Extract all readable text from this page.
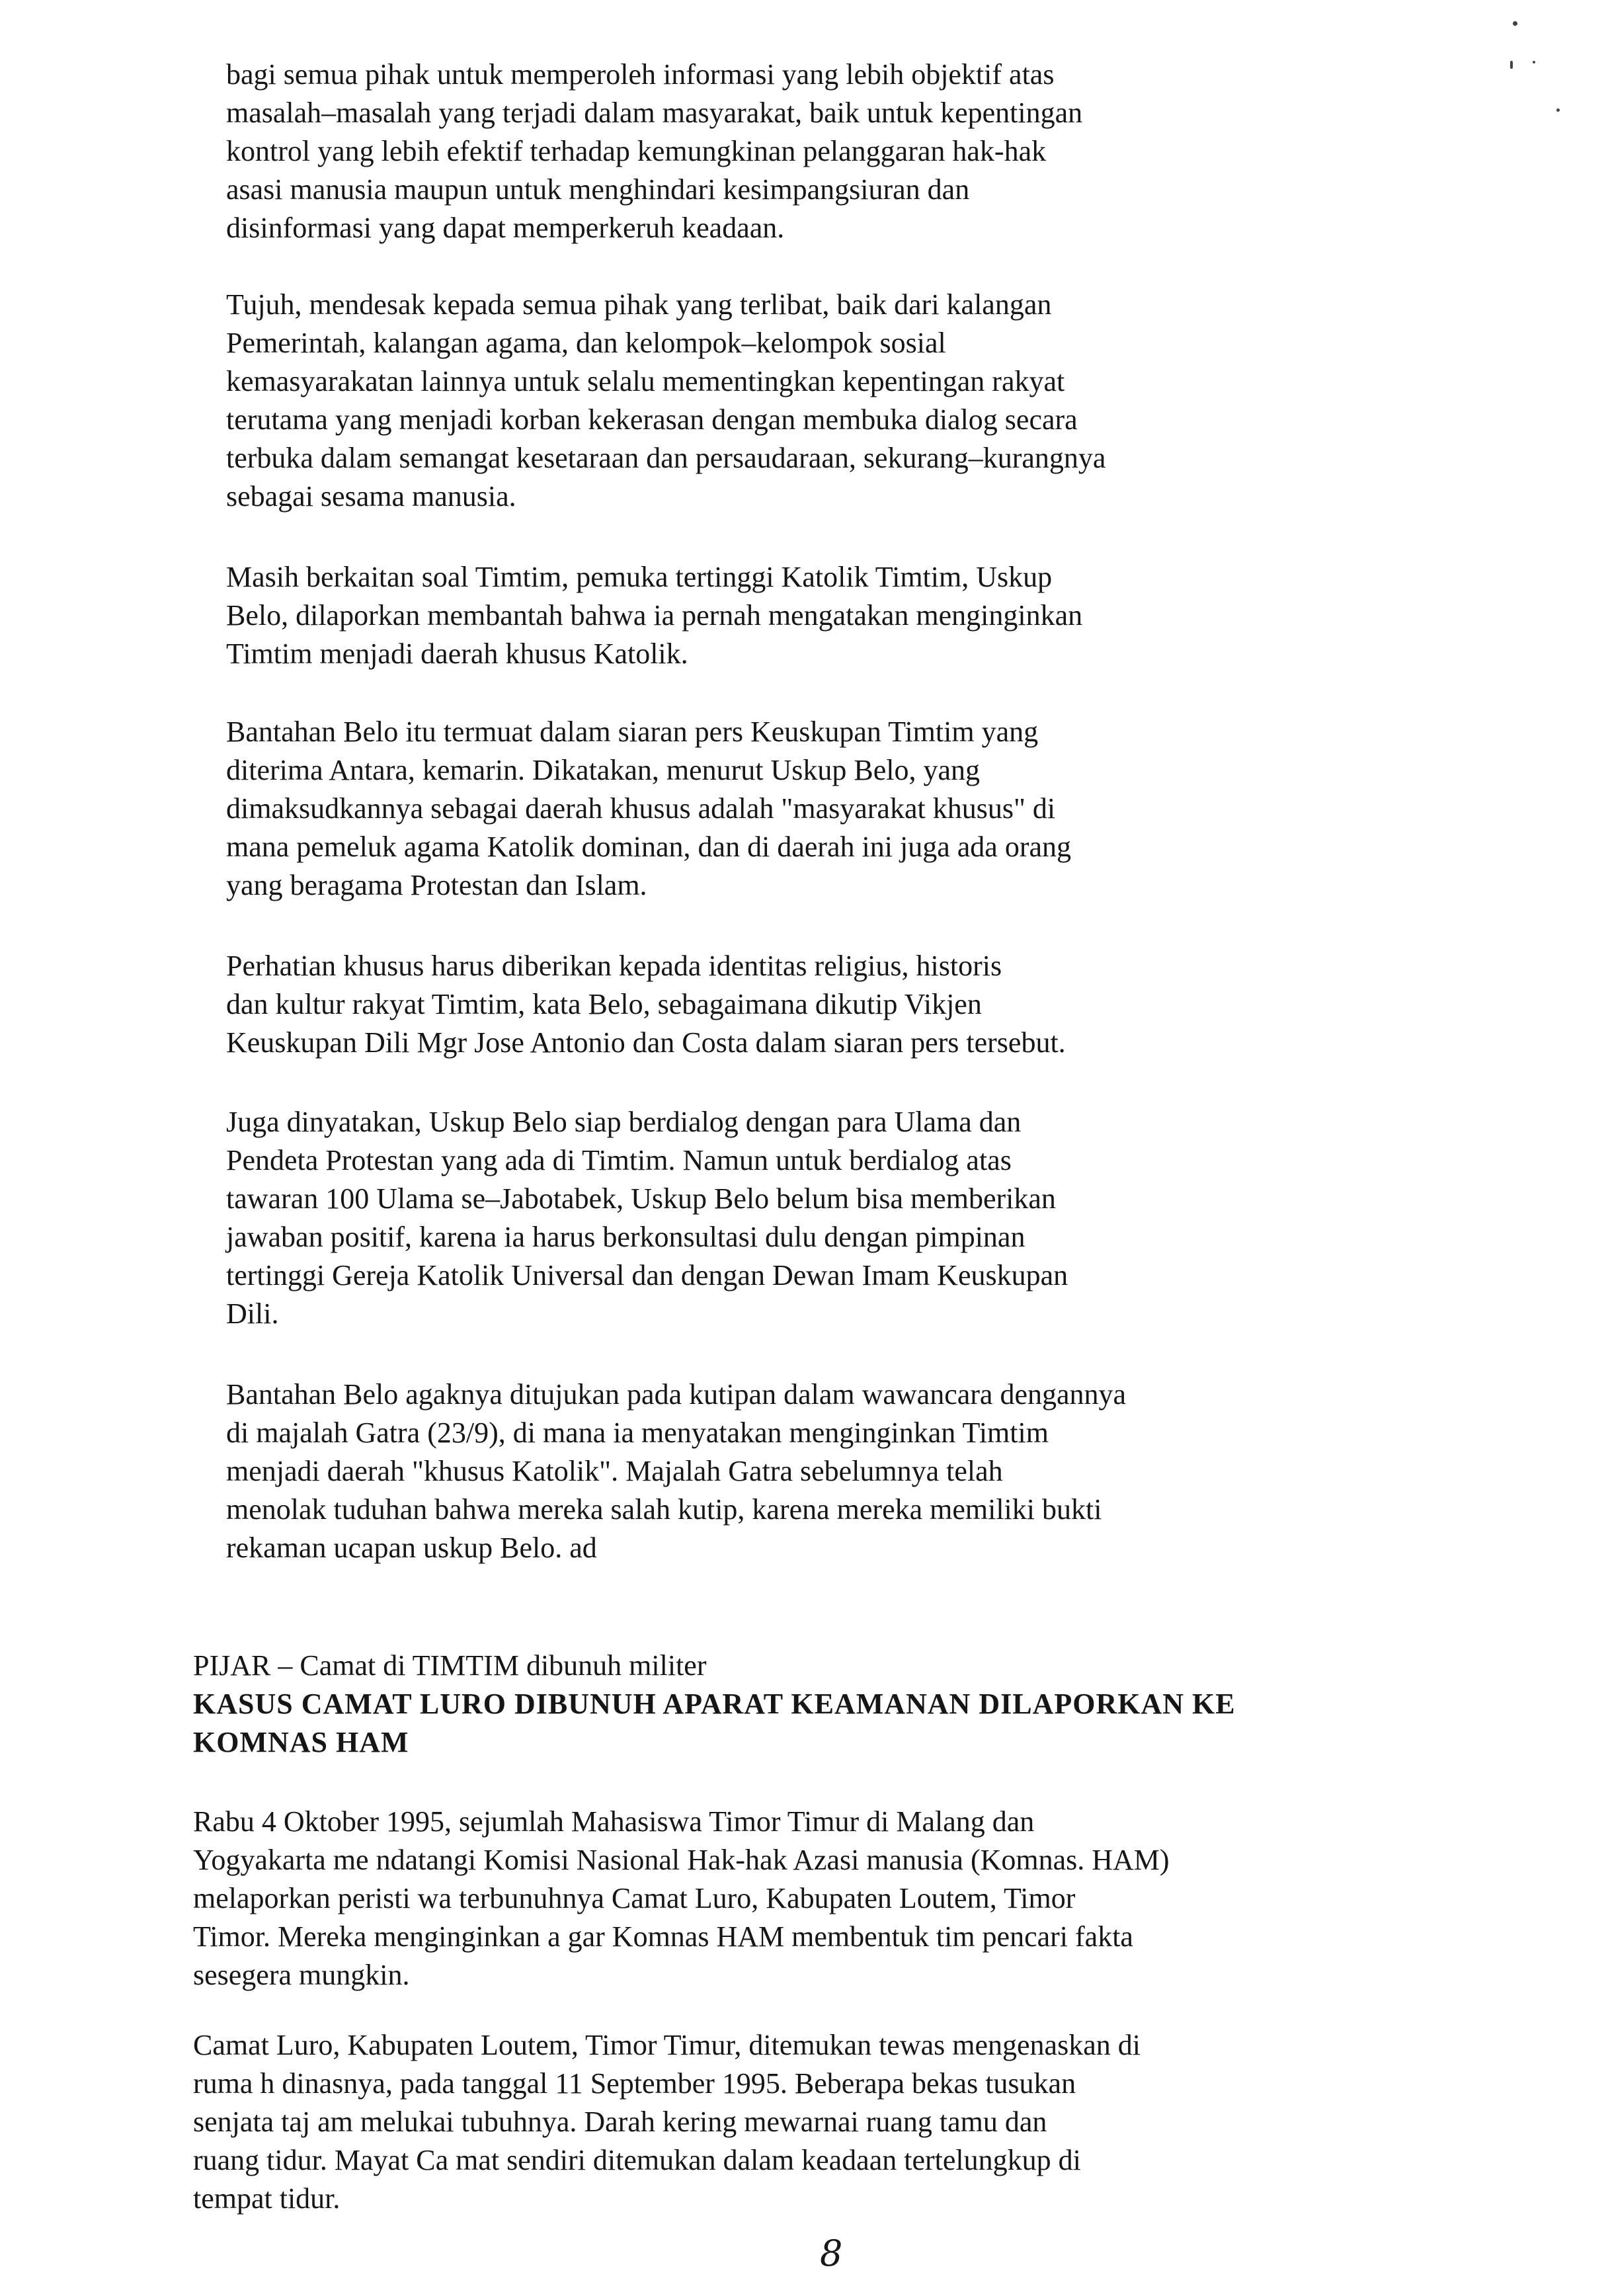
bagi semua pihak untuk memperoleh informasi yang lebih objektif atas
masalah–masalah yang terjadi dalam masyarakat, baik untuk kepentingan
kontrol yang lebih efektif terhadap kemungkinan pelanggaran hak-hak
asasi manusia maupun untuk menghindari kesimpangsiuran dan
disinformasi yang dapat memperkeruh keadaan.

Tujuh, mendesak kepada semua pihak yang terlibat, baik dari kalangan
Pemerintah, kalangan agama, dan kelompok–kelompok sosial
kemasyarakatan lainnya untuk selalu mementingkan kepentingan rakyat
terutama yang menjadi korban kekerasan dengan membuka dialog secara
terbuka dalam semangat kesetaraan dan persaudaraan, sekurang–kurangnya
sebagai sesama manusia.

Masih berkaitan soal Timtim, pemuka tertinggi Katolik Timtim, Uskup
Belo, dilaporkan membantah bahwa ia pernah mengatakan menginginkan
Timtim menjadi daerah khusus Katolik.

Bantahan Belo itu termuat dalam siaran pers Keuskupan Timtim yang
diterima Antara, kemarin. Dikatakan, menurut Uskup Belo, yang
dimaksudkannya sebagai daerah khusus adalah "masyarakat khusus" di
mana pemeluk agama Katolik dominan, dan di daerah ini juga ada orang
yang beragama Protestan dan Islam.

Perhatian khusus harus diberikan kepada identitas religius, historis
dan kultur rakyat Timtim, kata Belo, sebagaimana dikutip Vikjen
Keuskupan Dili Mgr Jose Antonio dan Costa dalam siaran pers tersebut.

Juga dinyatakan, Uskup Belo siap berdialog dengan para Ulama dan
Pendeta Protestan yang ada di Timtim. Namun untuk berdialog atas
tawaran 100 Ulama se–Jabotabek, Uskup Belo belum bisa memberikan
jawaban positif, karena ia harus berkonsultasi dulu dengan pimpinan
tertinggi Gereja Katolik Universal dan dengan Dewan Imam Keuskupan
Dili.

Bantahan Belo agaknya ditujukan pada kutipan dalam wawancara dengannya
di majalah Gatra (23/9), di mana ia menyatakan menginginkan Timtim
menjadi daerah "khusus Katolik". Majalah Gatra sebelumnya telah
menolak tuduhan bahwa mereka salah kutip, karena mereka memiliki bukti
rekaman ucapan uskup Belo. ad

PIJAR – Camat di TIMTIM dibunuh militer

KASUS CAMAT LURO DIBUNUH APARAT KEAMANAN DILAPORKAN KE
KOMNAS HAM

Rabu 4 Oktober 1995, sejumlah Mahasiswa Timor Timur di Malang dan
Yogyakarta me ndatangi Komisi Nasional Hak-hak Azasi manusia (Komnas. HAM)
melaporkan peristi wa terbunuhnya Camat Luro, Kabupaten Loutem, Timor
Timor. Mereka menginginkan a gar Komnas HAM membentuk tim pencari fakta
sesegera mungkin.

Camat Luro, Kabupaten Loutem, Timor Timur, ditemukan tewas mengenaskan di
ruma h dinasnya, pada tanggal 11 September 1995. Beberapa bekas tusukan
senjata taj am melukai tubuhnya. Darah kering mewarnai ruang tamu dan
ruang tidur. Mayat Ca mat sendiri ditemukan dalam keadaan tertelungkup di
tempat tidur.

8
